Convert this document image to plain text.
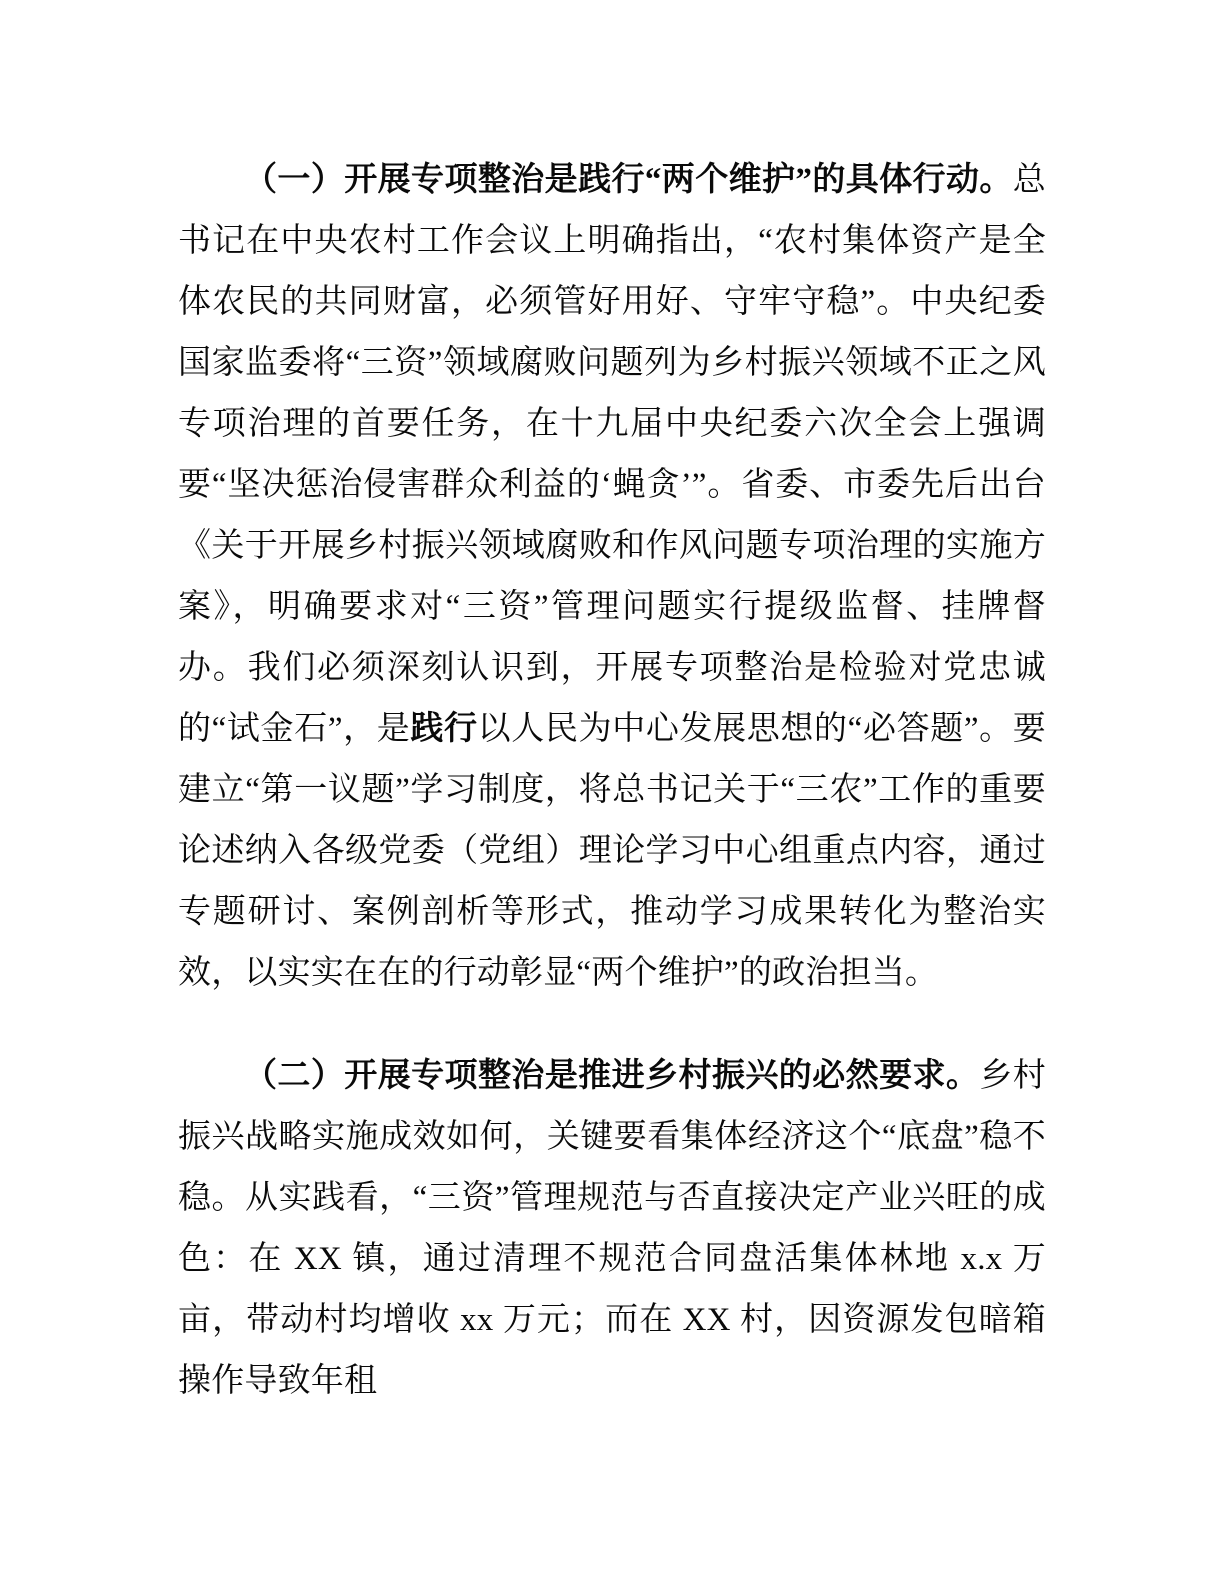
（一）开展专项整治是践行“两个维护”的具体行动。总书记在中央农村工作会议上明确指出，“农村集体资产是全体农民的共同财富，必须管好用好、守牢守稳”。中央纪委国家监委将“三资”领域腐败问题列为乡村振兴领域不正之风专项治理的首要任务，在十九届中央纪委六次全会上强调要“坚决惩治侵害群众利益的‘蝇贪’”。省委、市委先后出台《关于开展乡村振兴领域腐败和作风问题专项治理的实施方案》，明确要求对“三资”管理问题实行提级监督、挂牌督办。我们必须深刻认识到，开展专项整治是检验对党忠诚的“试金石”，是践行以人民为中心发展思想的“必答题”。要建立“第一议题”学习制度，将总书记关于“三农”工作的重要论述纳入各级党委（党组）理论学习中心组重点内容，通过专题研讨、案例剖析等形式，推动学习成果转化为整治实效，以实实在在的行动彰显“两个维护”的政治担当。

（二）开展专项整治是推进乡村振兴的必然要求。乡村振兴战略实施成效如何，关键要看集体经济这个“底盘”稳不稳。从实践看，“三资”管理规范与否直接决定产业兴旺的成色：在 XX 镇，通过清理不规范合同盘活集体林地 x.x 万亩，带动村均增收 xx 万元；而在 XX 村，因资源发包暗箱操作导致年租
